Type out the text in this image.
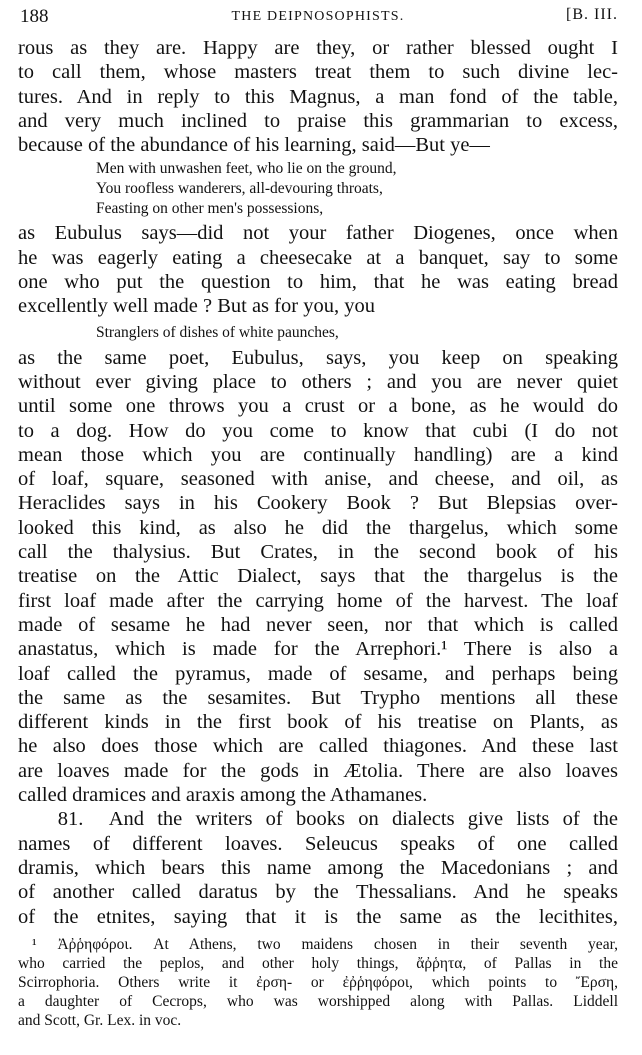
188	THE DEIPNOSOPHISTS.	[B. III.
rous as they are. Happy are they, or rather blessed ought I
to call them, whose masters treat them to such divine lec-
tures. And in reply to this Magnus, a man fond of the table,
and very much inclined to praise this grammarian to excess,
because of the abundance of his learning, said—But ye—
Men with unwashen feet, who lie on the ground,
You roofless wanderers, all-devouring throats,
Feasting on other men's possessions,
as Eubulus says—did not your father Diogenes, once when
he was eagerly eating a cheesecake at a banquet, say to some
one who put the question to him, that he was eating bread
excellently well made ? But as for you, you
Stranglers of dishes of white paunches,
as the same poet, Eubulus, says, you keep on speaking
without ever giving place to others ; and you are never quiet
until some one throws you a crust or a bone, as he would do
to a dog. How do you come to know that cubi (I do not
mean those which you are continually handling) are a kind
of loaf, square, seasoned with anise, and cheese, and oil, as
Heraclides says in his Cookery Book ? But Blepsias over-
looked this kind, as also he did the thargelus, which some
call the thalysius. But Crates, in the second book of his
treatise on the Attic Dialect, says that the thargelus is the
first loaf made after the carrying home of the harvest. The loaf
made of sesame he had never seen, nor that which is called
anastatus, which is made for the Arrephori.¹ There is also a
loaf called the pyramus, made of sesame, and perhaps being
the same as the sesamites. But Trypho mentions all these
different kinds in the first book of his treatise on Plants, as
he also does those which are called thiagones. And these last
are loaves made for the gods in Ætolia. There are also loaves
called dramices and araxis among the Athamanes.
81.  And the writers of books on dialects give lists of the
names of different loaves. Seleucus speaks of one called
dramis, which bears this name among the Macedonians ; and
of another called daratus by the Thessalians. And he speaks
of the etnites, saying that it is the same as the lecithites,
¹ Ἀῤῥηφόροι. At Athens, two maidens chosen in their seventh year,
who carried the peplos, and other holy things, ἄῤῥητα, of Pallas in the
Scirrophoria. Others write it ἐρση- or ἐῤῥηφόροι, which points to Ἔρση,
a daughter of Cecrops, who was worshipped along with Pallas. Liddell
and Scott, Gr. Lex. in voc.
